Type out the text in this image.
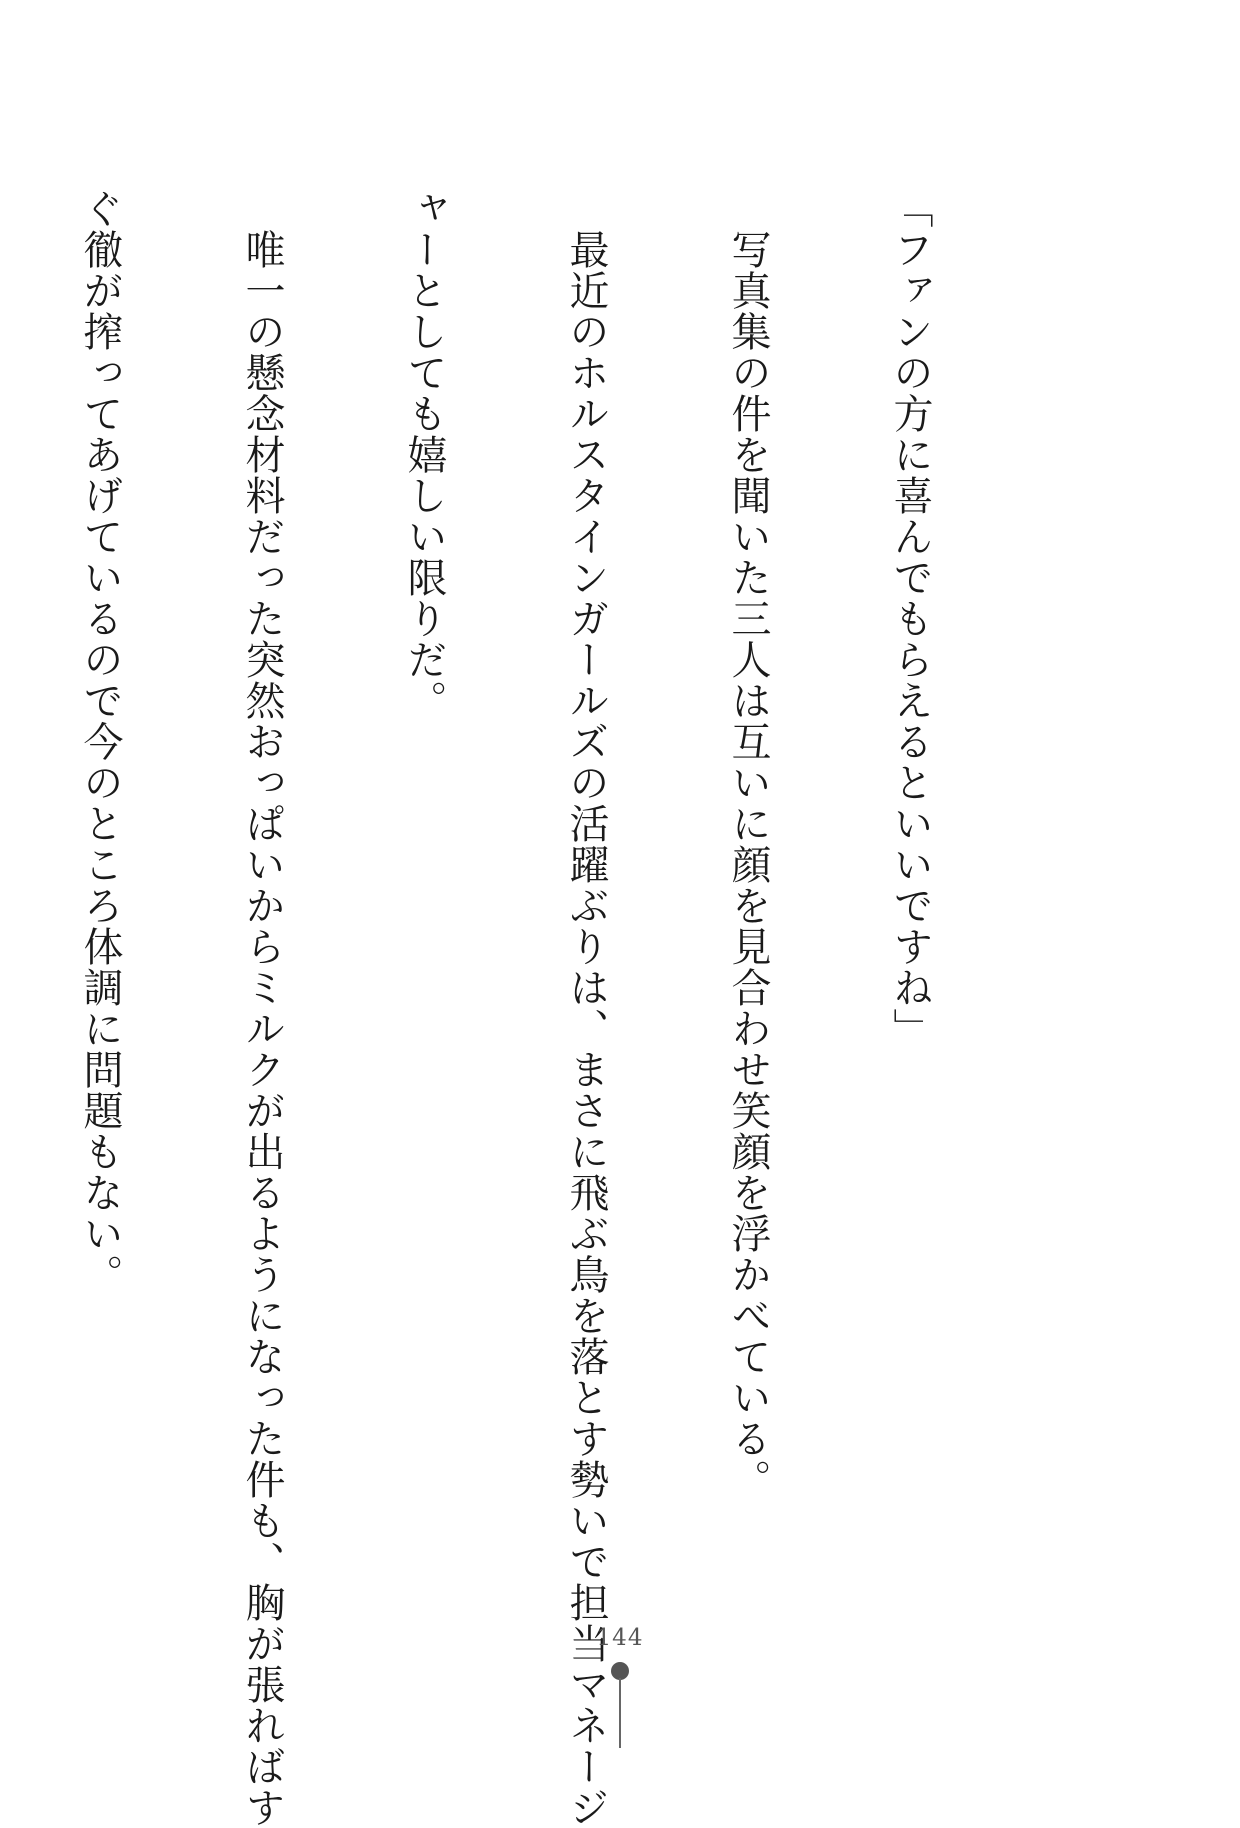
「ファンの方に喜んでもらえるといいですね」

　写真集の件を聞いた三人は互いに顔を見合わせ笑顔を浮かべている。

　最近のホルスタインガールズの活躍ぶりは、まさに飛ぶ鳥を落とす勢いで担当マネージ

ャーとしても嬉しい限りだ。

　唯一の懸念材料だった突然おっぱいからミルクが出るようになった件も、胸が張ればす

ぐ徹が搾ってあげているので今のところ体調に問題もない。

144
